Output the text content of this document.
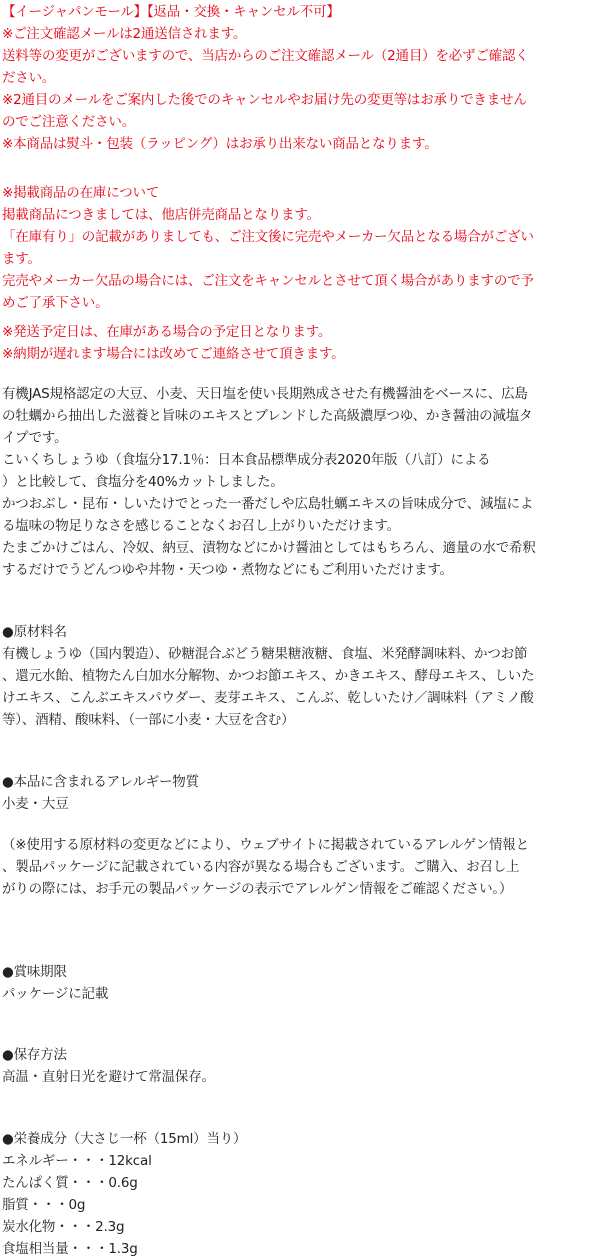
【イージャパンモール】【返品・交換・キャンセル不可】
※ご注文確認メールは2通送信されます。
送料等の変更がございますので、当店からのご注文確認メール（2通目）を必ずご確認く
ださい。
※2通目のメールをご案内した後でのキャンセルやお届け先の変更等はお承りできません
のでご注意ください。
※本商品は熨斗・包装（ラッピング）はお承り出来ない商品となります。
※掲載商品の在庫について
掲載商品につきましては、他店併売商品となります。
「在庫有り」の記載がありましても、ご注文後に完売やメーカー欠品となる場合がござい
ます。
完売やメーカー欠品の場合には、ご注文をキャンセルとさせて頂く場合がありますので予
めご了承下さい。
※発送予定日は、在庫がある場合の予定日となります。
※納期が遅れます場合には改めてご連絡させて頂きます。
有機JAS規格認定の大豆、小麦、天日塩を使い長期熟成させた有機醤油をベースに、広島
の牡蠣から抽出した滋養と旨味のエキスとブレンドした高級濃厚つゆ、かき醤油の減塩タ
イプです。
こいくちしょうゆ（食塩分17.1％：日本食品標準成分表2020年版（八訂）による
）と比較して、食塩分を40%カットしました。
かつおぶし・昆布・しいたけでとった一番だしや広島牡蠣エキスの旨味成分で、減塩によ
る塩味の物足りなさを感じることなくお召し上がりいただけます。
たまごかけごはん、冷奴、納豆、漬物などにかけ醤油としてはもちろん、適量の水で希釈
するだけでうどんつゆや丼物・天つゆ・煮物などにもご利用いただけます。
●原材料名
有機しょうゆ（国内製造）、砂糖混合ぶどう糖果糖液糖、食塩、米発酵調味料、かつお節
、還元水飴、植物たん白加水分解物、かつお節エキス、かきエキス、酵母エキス、しいた
けエキス、こんぶエキスパウダー、麦芽エキス、こんぶ、乾しいたけ／調味料（アミノ酸
等）、酒精、酸味料、（一部に小麦・大豆を含む）
●本品に含まれるアレルギー物質
小麦・大豆
（※使用する原材料の変更などにより、ウェブサイトに掲載されているアレルゲン情報と
、製品パッケージに記載されている内容が異なる場合もございます。ご購入、お召し上
がりの際には、お手元の製品パッケージの表示でアレルゲン情報をご確認ください。）
●賞味期限
パッケージに記載
●保存方法
高温・直射日光を避けて常温保存。
●栄養成分（大さじ一杯（15ml）当り）
エネルギー・・・12kcal
たんぱく質・・・0.6g
脂質・・・0g
炭水化物・・・2.3g
食塩相当量・・・1.3g
